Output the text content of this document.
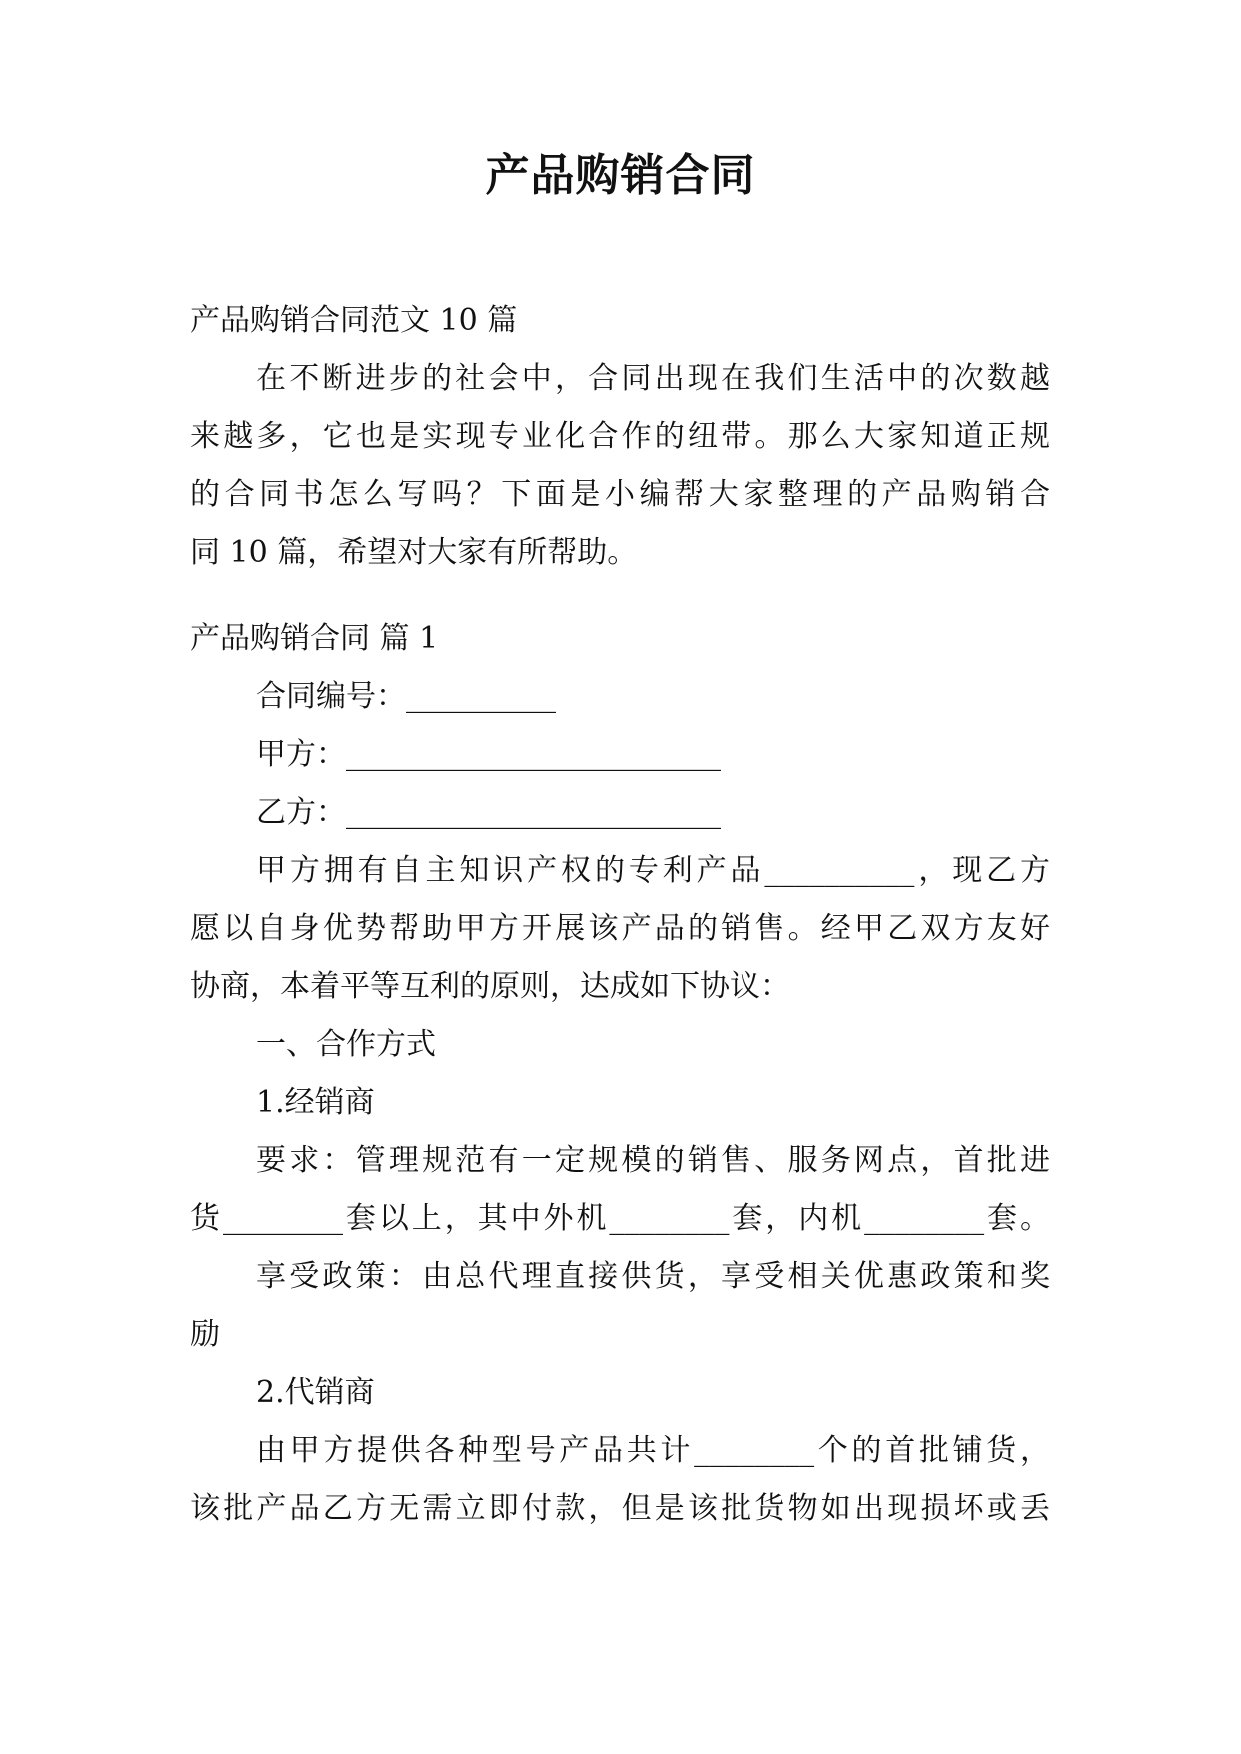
产品购销合同
产品购销合同范文 10 篇
在不断进步的社会中，合同出现在我们生活中的次数越
来越多，它也是实现专业化合作的纽带。那么大家知道正规
的合同书怎么写吗？下面是小编帮大家整理的产品购销合
同 10 篇，希望对大家有所帮助。
产品购销合同 篇 1
合同编号：__________
甲方：_________________________
乙方：_________________________
甲方拥有自主知识产权的专利产品__________，现乙方
愿以自身优势帮助甲方开展该产品的销售。经甲乙双方友好
协商，本着平等互利的原则，达成如下协议：
一、合作方式
1.经销商
要求：管理规范有一定规模的销售、服务网点，首批进
货________套以上，其中外机________套，内机________套。
享受政策：由总代理直接供货，享受相关优惠政策和奖
励
2.代销商
由甲方提供各种型号产品共计________个的首批铺货，
该批产品乙方无需立即付款，但是该批货物如出现损坏或丢
